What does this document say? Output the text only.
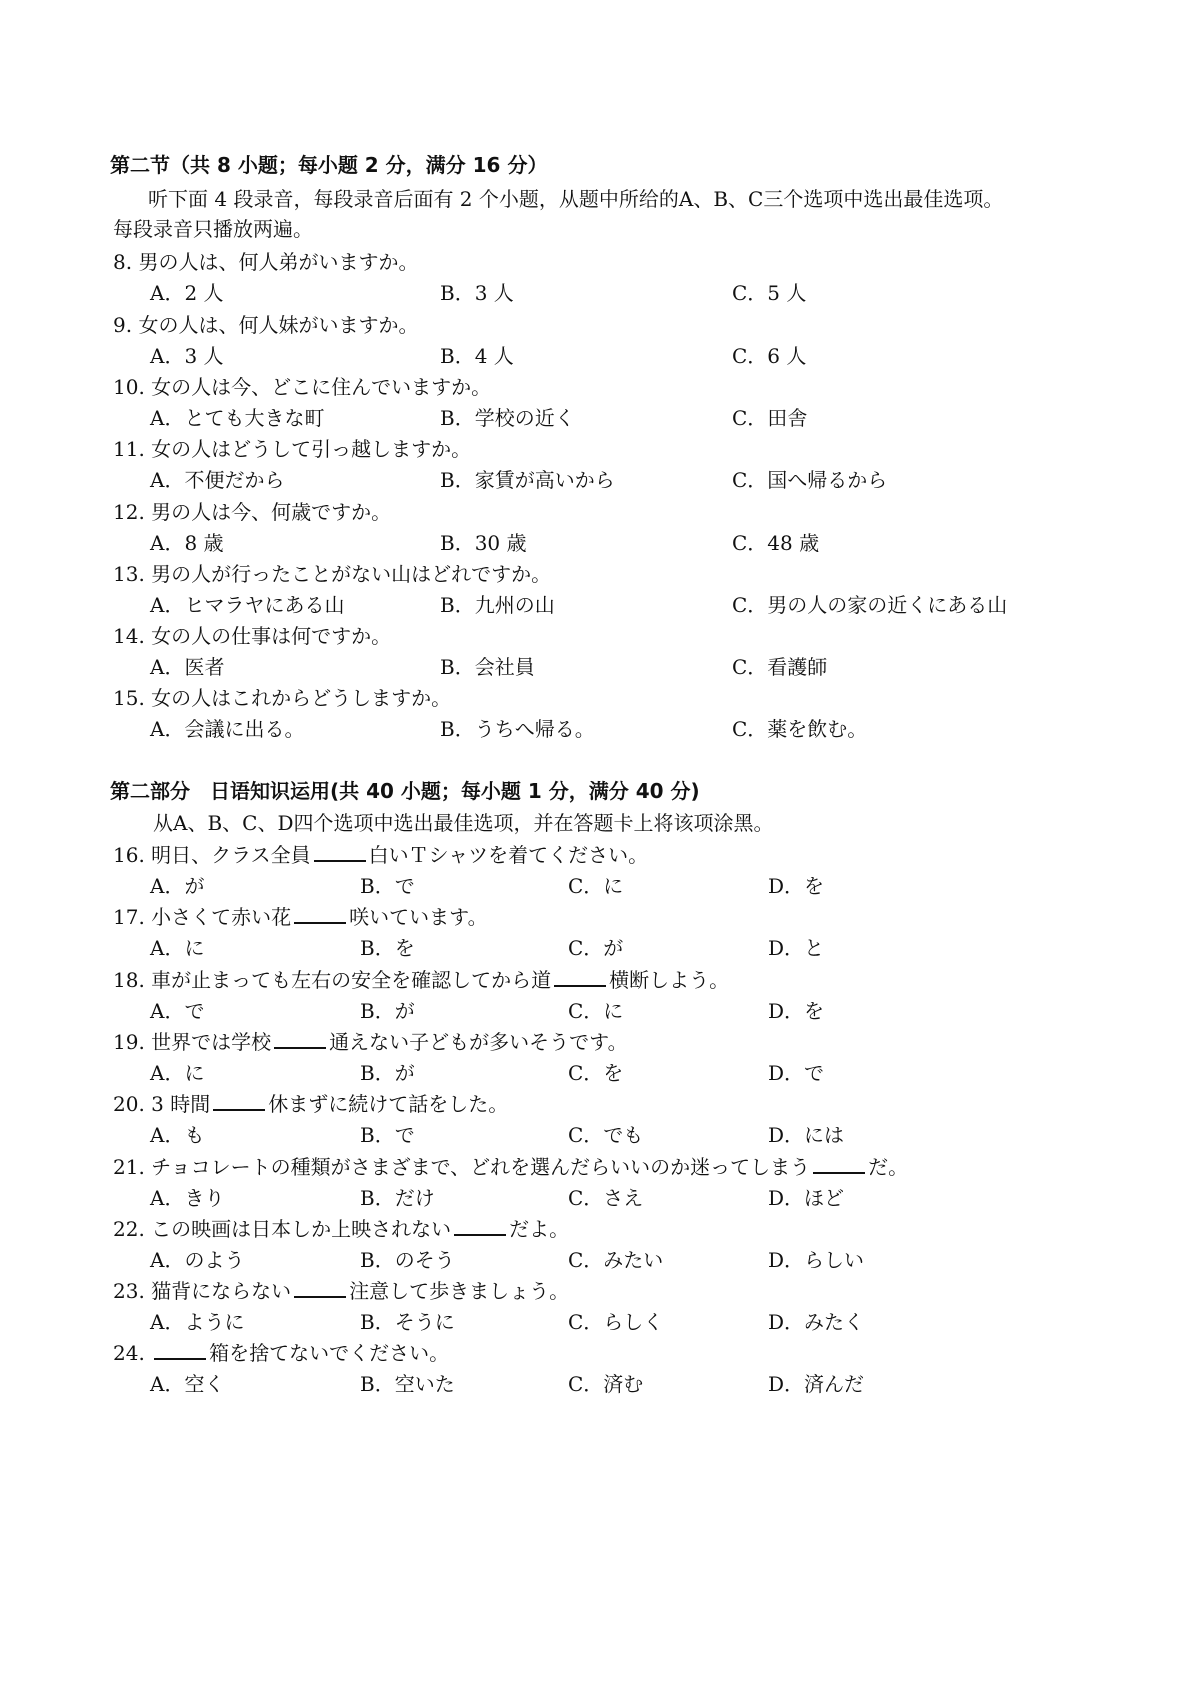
第二节（共 8 小题；每小题 2 分，满分 16 分）
听下面 4 段录音，每段录音后面有 2 个小题，从题中所给的A、B、C三个选项中选出最佳选项。
每段录音只播放两遍。
8. 男の人は、何人弟がいますか。
A．2 人	B．3 人	C．5 人
9. 女の人は、何人妹がいますか。
A．3 人	B．4 人	C．6 人
10. 女の人は今、どこに住んでいますか。
A．とても大きな町	B．学校の近く	C．田舎
11. 女の人はどうして引っ越しますか。
A．不便だから	B．家賃が高いから	C．国へ帰るから
12. 男の人は今、何歳ですか。
A．8 歳	B．30 歳	C．48 歳
13. 男の人が行ったことがない山はどれですか。
A．ヒマラヤにある山	B．九州の山	C．男の人の家の近くにある山
14. 女の人の仕事は何ですか。
A．医者	B．会社員	C．看護師
15. 女の人はこれからどうしますか。
A．会議に出る。	B．うちへ帰る。	C．薬を飲む。
第二部分　日语知识运用(共 40 小题；每小题 1 分，满分 40 分)
从A、B、C、D四个选项中选出最佳选项，并在答题卡上将该项涂黑。
16. 明日、クラス全員	白いＴシャツを着てください。
A．が	B．で	C．に	D．を
17. 小さくて赤い花	咲いています。
A．に	B．を	C．が	D．と
18. 車が止まっても左右の安全を確認してから道	横断しよう。
A．で	B．が	C．に	D．を
19. 世界では学校	通えない子どもが多いそうです。
A．に	B．が	C．を	D．で
20. 3 時間	休まずに続けて話をした。
A．も	B．で	C．でも	D．には
21. チョコレートの種類がさまざまで、どれを選んだらいいのか迷ってしまう	だ。
A．きり	B．だけ	C．さえ	D．ほど
22. この映画は日本しか上映されない	だよ。
A．のよう	B．のそう	C．みたい	D．らしい
23. 猫背にならない	注意して歩きましょう。
A．ように	B．そうに	C．らしく	D．みたく
24.	箱を捨てないでください。
A．空く	B．空いた	C．済む	D．済んだ
